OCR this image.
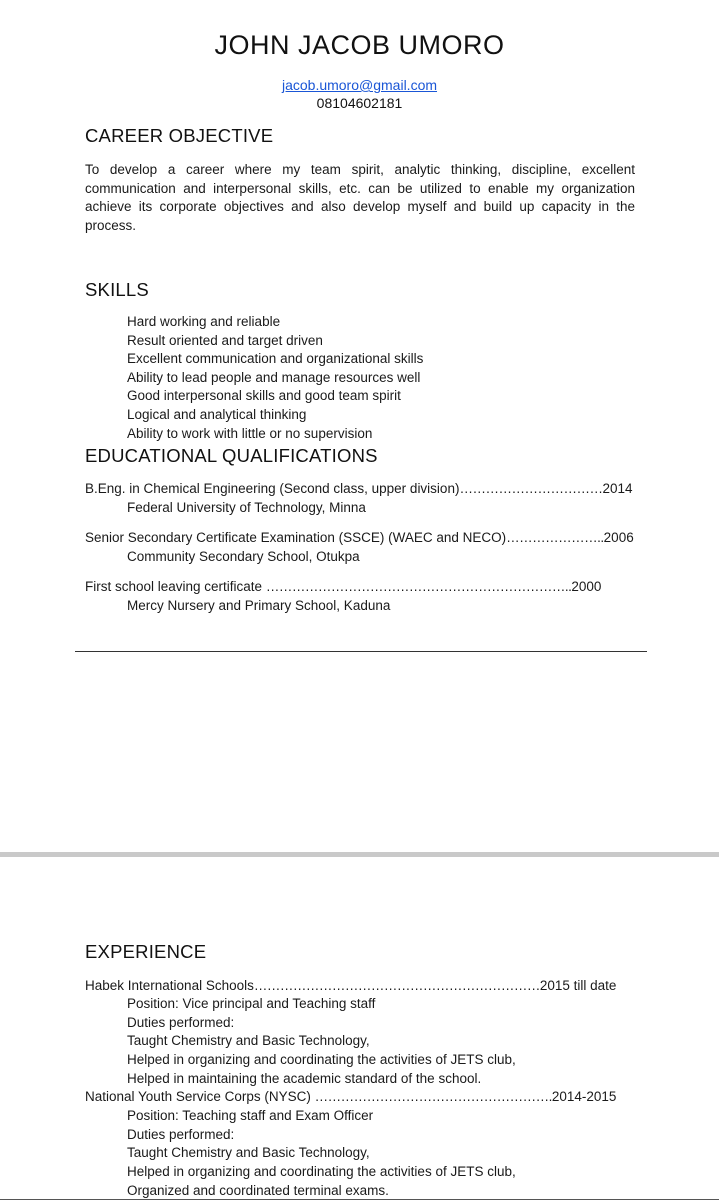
JOHN JACOB UMORO
jacob.umoro@gmail.com
08104602181
CAREER OBJECTIVE
To develop a career where my team spirit, analytic thinking, discipline, excellent communication and interpersonal skills, etc. can be utilized to enable my organization achieve its corporate objectives and also develop myself and build up capacity in the process.
SKILLS
Hard working and reliable
Result oriented and target driven
Excellent communication and organizational skills
Ability to lead people and manage resources well
Good interpersonal skills and good team spirit
Logical and analytical thinking
Ability to work with little or no supervision
EDUCATIONAL QUALIFICATIONS
B.Eng. in Chemical Engineering (Second class, upper division)……………………………2014
Federal University of Technology, Minna
Senior Secondary Certificate Examination (SSCE) (WAEC and NECO)…………………..2006
Community Secondary School, Otukpa
First school leaving certificate ……………………………………………………………..2000
Mercy Nursery and Primary School, Kaduna
EXPERIENCE
Habek International Schools…………………………………………………………2015 till date
Position: Vice principal and Teaching staff
Duties performed:
Taught Chemistry and Basic Technology,
Helped in organizing and coordinating the activities of JETS club,
Helped in maintaining the academic standard of the school.
National Youth Service Corps (NYSC) ……………………………………………….2014-2015
Position: Teaching staff and Exam Officer
Duties performed:
Taught Chemistry and Basic Technology,
Helped in organizing and coordinating the activities of JETS club,
Organized and coordinated terminal exams.
